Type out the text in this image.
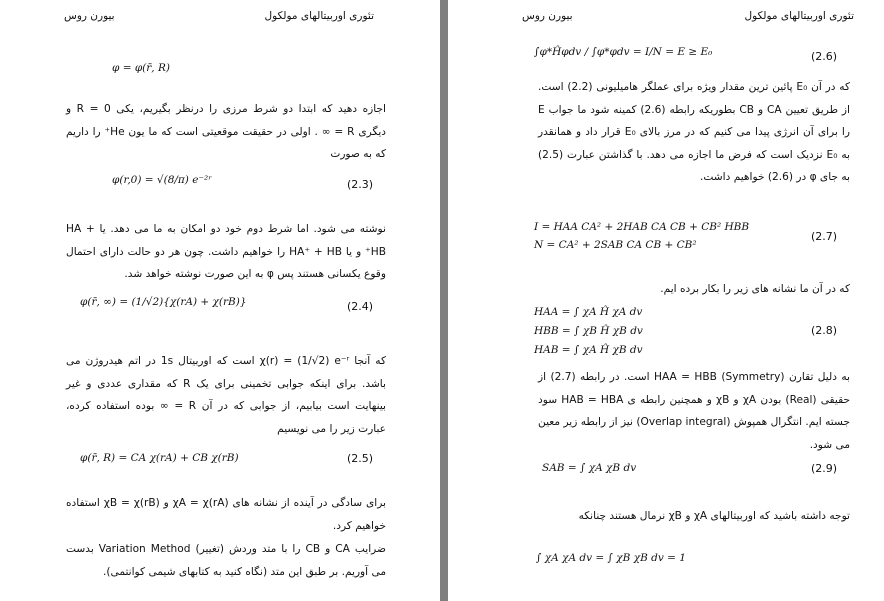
تئوری اوربیتالهای مولکول
بیورن روس
φ = φ(r̄, R)
اجازه دهید که ابتدا دو شرط مرزی را درنظر بگیریم، یکی R = 0 و دیگری R = ∞ . اولی در حقیقت موقعیتی است که ما یون He⁺ را داریم که به صورت
φ(r,0) = √(8/π) e⁻²ʳ	(2.3)
نوشته می شود. اما شرط دوم خود دو امکان به ما می دهد. یا HA + HB⁺ و یا HA⁺ + HB را خواهیم داشت. چون هر دو حالت دارای احتمال وقوع یکسانی هستند پس φ به این صورت نوشته خواهد شد.
φ(r̄, ∞) = (1/√2){χ(rA) + χ(rB)}	(2.4)
که آنجا χ(r) = (1/√2) e⁻ʳ است که اوربیتال 1s در اتم هیدروژن می باشد. برای اینکه جوابی تخمینی برای یک R که مقداری عددی و غیر بینهایت است بیابیم، از جوابی که در آن R = ∞ بوده استفاده کرده، عبارت زیر را می نویسیم
φ(r̄, R) = CA χ(rA) + CB χ(rB)	(2.5)
برای سادگی در آینده از نشانه های χA = χ(rA) و χB = χ(rB) استفاده خواهیم کرد.
ضرایب CA و CB را با متد وردش (تغییر) Variation Method بدست می آوریم. بر طبق این متد (نگاه کنید به کتابهای شیمی کوانتمی).
تئوری اوربیتالهای مولکول
بیورن روس
∫φ*Ĥφdv / ∫φ*φdv = I/N = E ≥ E₀	(2.6)
که در آن E₀ پائین ترین مقدار ویژه برای عملگر هامیلیونی (2.2) است. از طریق تعیین CA و CB بطوریکه رابطه (2.6) کمینه شود ما جواب E را برای آن انرژی پیدا می کنیم که در مرز بالای E₀ قرار داد و همانقدر به E₀ نزدیک است که فرض ما اجازه می دهد. با گذاشتن عبارت (2.5) به جای φ در (2.6) خواهیم داشت.
I = HAA CA² + 2HAB CA CB + CB² HBB
N = CA² + 2SAB CA CB + CB²
(2.7)
که در آن ما نشانه های زیر را بکار برده ایم.
HAA = ∫ χA Ĥ χA dv
HBB = ∫ χB Ĥ χB dv
HAB = ∫ χA Ĥ χB dv
(2.8)
به دلیل تقارن (Symmetry) HAA = HBB است. در رابطه (2.7) از حقیقی (Real) بودن χA و χB و همچنین رابطه ی HAB = HBA سود جسته ایم. انتگرال همپوش (Overlap integral) نیز از رابطه زیر معین می شود.
SAB = ∫ χA χB dv	(2.9)
توجه داشته باشید که اوربیتالهای χA و χB نرمال هستند چنانکه
∫ χA χA dv = ∫ χB χB dv = 1
